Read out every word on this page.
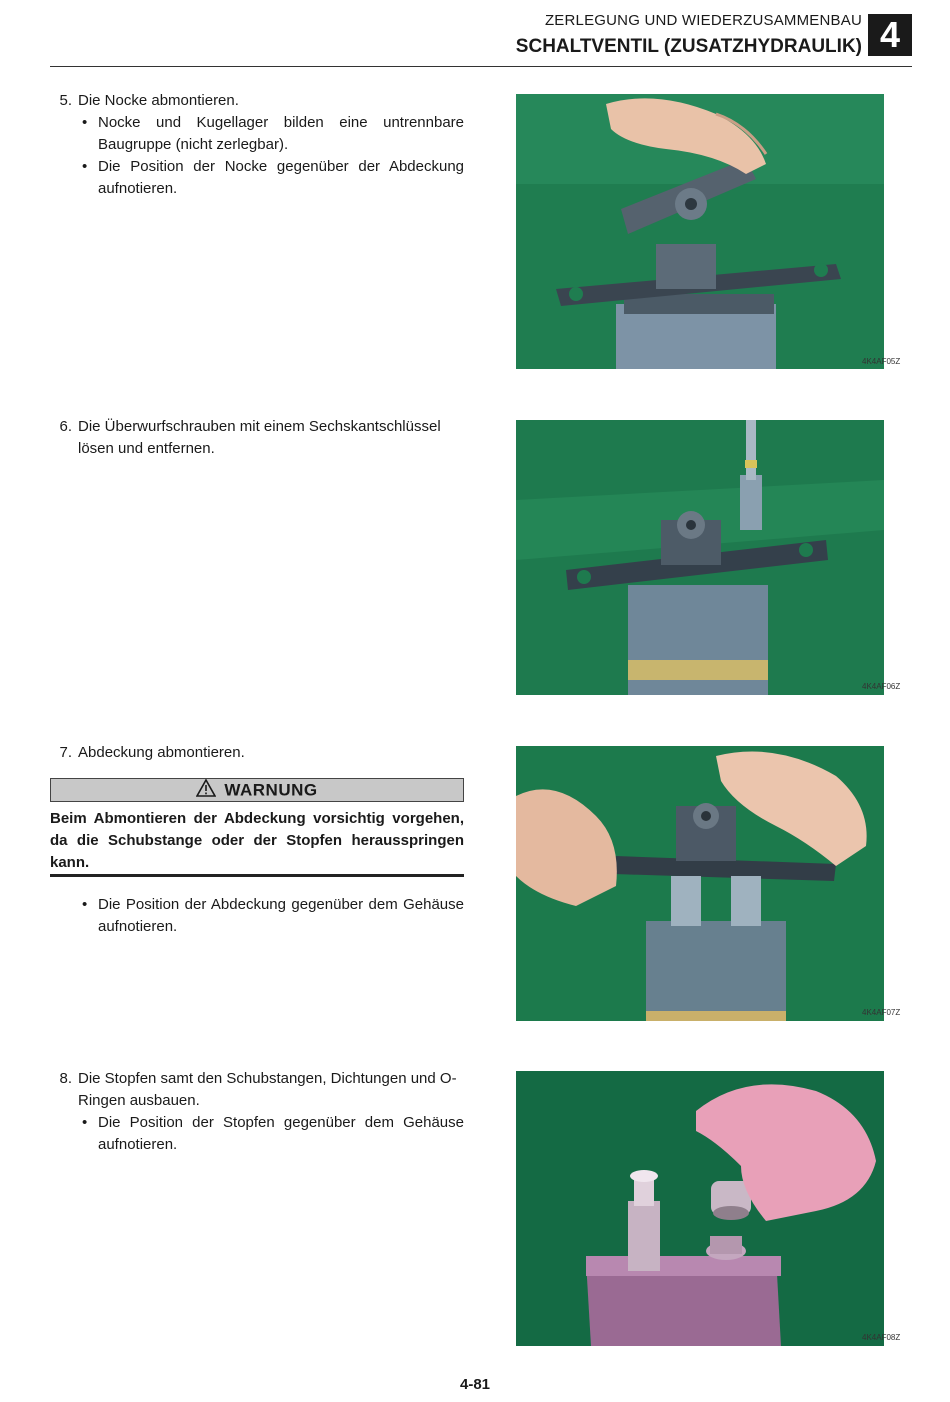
ZERLEGUNG UND WIEDERZUSAMMENBAU
SCHALTVENTIL (ZUSATZHYDRAULIK) 4
5. Die Nocke abmontieren.
• Nocke und Kugellager bilden eine untrennbare Baugruppe (nicht zerlegbar).
• Die Position der Nocke gegenüber der Abdeckung aufnotieren.
4K4AF05Z
6. Die Überwurfschrauben mit einem Sechskantschlüssel lösen und entfernen.
4K4AF06Z
7. Abdeckung abmontieren.
WARNUNG
Beim Abmontieren der Abdeckung vorsichtig vorgehen, da die Schubstange oder der Stopfen herausspringen kann.
• Die Position der Abdeckung gegenüber dem Gehäuse aufnotieren.
4K4AF07Z
8. Die Stopfen samt den Schubstangen, Dichtungen und O-Ringen ausbauen.
• Die Position der Stopfen gegenüber dem Gehäuse aufnotieren.
4K4AF08Z
4-81
